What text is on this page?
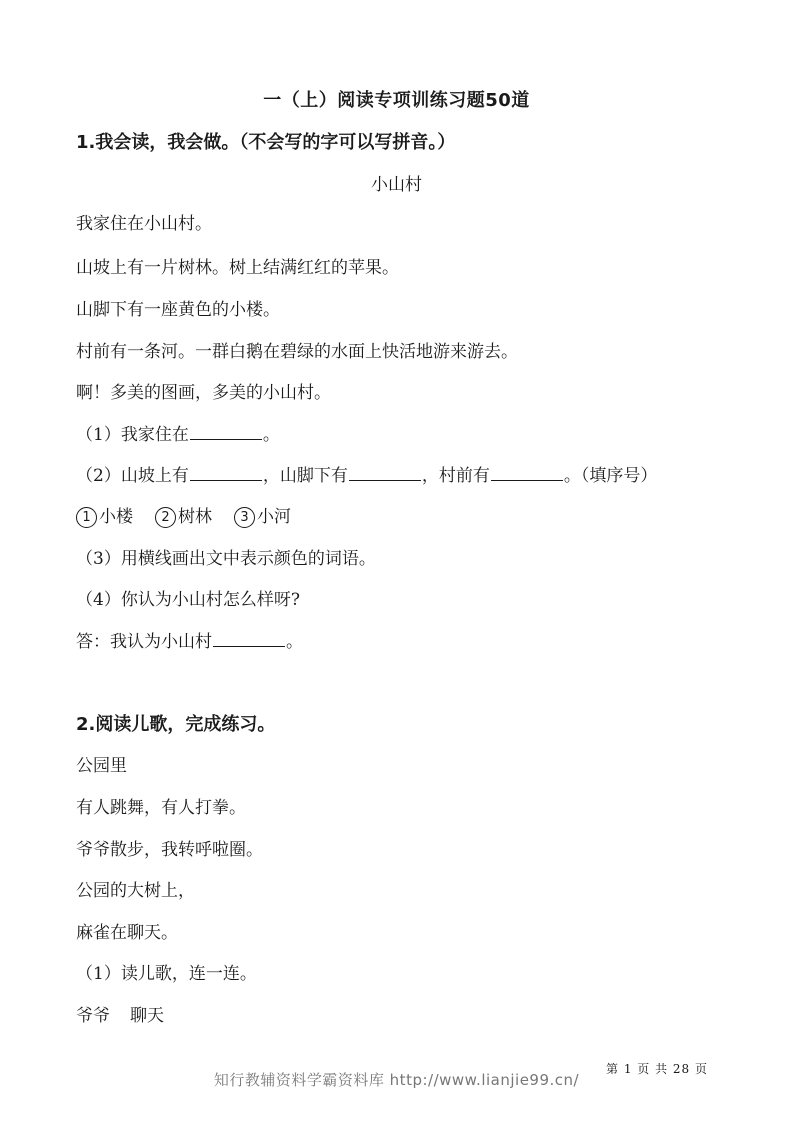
一（上）阅读专项训练习题50道
1.我会读，我会做。（不会写的字可以写拼音。）
小山村
我家住在小山村。
山坡上有一片树林。树上结满红红的苹果。
山脚下有一座黄色的小楼。
村前有一条河。一群白鹅在碧绿的水面上快活地游来游去。
啊！多美的图画，多美的小山村。
（1）我家住在	。
（2）山坡上有	，山脚下有	，村前有	。（填序号）
1 小楼 2 树林 3 小河
（3）用横线画出文中表示颜色的词语。
（4）你认为小山村怎么样呀?
答：我认为小山村	。
2.阅读儿歌，完成练习。
公园里
有人跳舞，有人打拳。
爷爷散步，我转呼啦圈。
公园的大树上，
麻雀在聊天。
（1）读儿歌，连一连。
爷爷 聊天
第 1 页 共 28 页
知行教辅资料学霸资料库 http://www.lianjie99.cn/
